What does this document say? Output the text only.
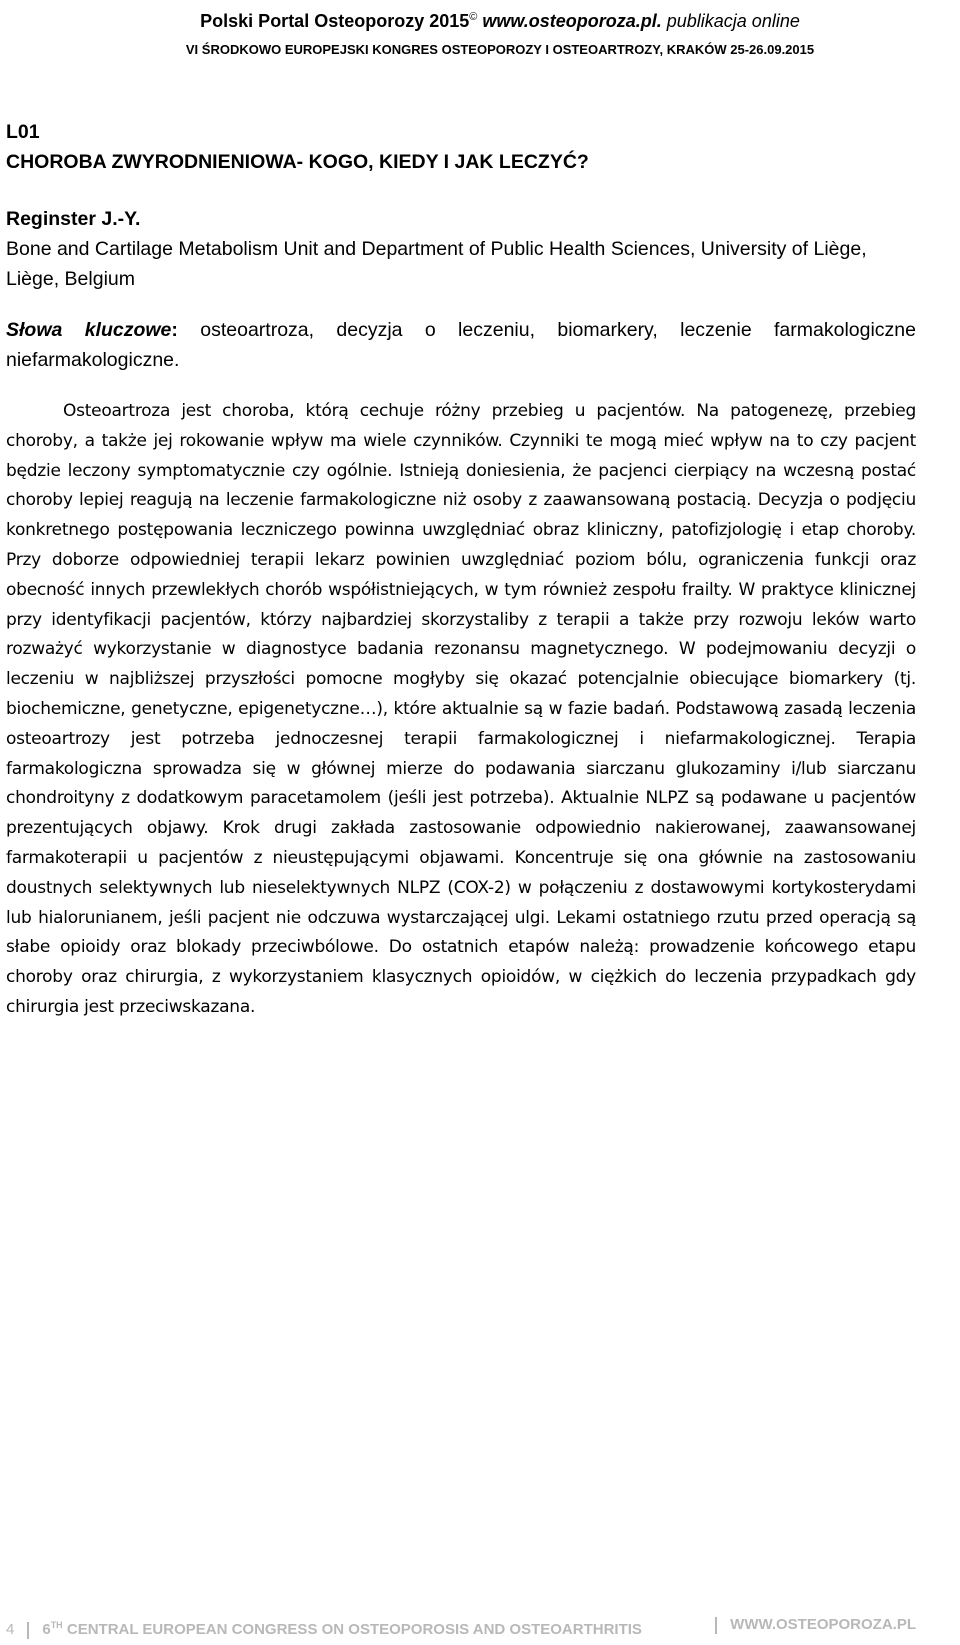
Polski Portal Osteoporozy 2015© www.osteoporoza.pl. publikacja online
VI ŚRODKOWO EUROPEJSKI KONGRES OSTEOPOROZY I OSTEOARTROZY, KRAKÓW 25-26.09.2015
L01
CHOROBA ZWYRODNIENIOWA- KOGO, KIEDY I JAK LECZYĆ?
Reginster J.-Y.
Bone and Cartilage Metabolism Unit and Department of Public Health Sciences, University of Liège, Liège, Belgium
Słowa kluczowe: osteoartroza, decyzja o leczeniu, biomarkery, leczenie farmakologiczne niefarmakologiczne.

Osteoartroza jest choroba, którą cechuje różny przebieg u pacjentów. Na patogenezę, przebieg choroby, a także jej rokowanie wpływ ma wiele czynników. Czynniki te mogą mieć wpływ na to czy pacjent będzie leczony symptomatycznie czy ogólnie. Istnieją doniesienia, że pacjenci cierpiący na wczesną postać choroby lepiej reagują na leczenie farmakologiczne niż osoby z zaawansowaną postacią. Decyzja o podjęciu konkretnego postępowania leczniczego powinna uwzględniać obraz kliniczny, patofizjologię i etap choroby. Przy doborze odpowiedniej terapii lekarz powinien uwzględniać poziom bólu, ograniczenia funkcji oraz obecność innych przewlekłych chorób współistniejących, w tym również zespołu frailty. W praktyce klinicznej przy identyfikacji pacjentów, którzy najbardziej skorzystaliby z terapii a także przy rozwoju leków warto rozważyć wykorzystanie w diagnostyce badania rezonansu magnetycznego. W podejmowaniu decyzji o leczeniu w najbliższej przyszłości pomocne mogłyby się okazać potencjalnie obiecujące biomarkery (tj. biochemiczne, genetyczne, epigenetyczne…), które aktualnie są w fazie badań. Podstawową zasadą leczenia osteoartrozy jest potrzeba jednoczesnej terapii farmakologicznej i niefarmakologicznej. Terapia farmakologiczna sprowadza się w głównej mierze do podawania siarczanu glukozaminy i/lub siarczanu chondroityny z dodatkowym paracetamolem (jeśli jest potrzeba). Aktualnie NLPZ są podawane u pacjentów prezentujących objawy. Krok drugi zakłada zastosowanie odpowiednio nakierowanej, zaawansowanej farmakoterapii u pacjentów z nieustępującymi objawami. Koncentruje się ona głównie na zastosowaniu doustnych selektywnych lub nieselektywnych NLPZ (COX-2) w połączeniu z dostawowymi kortykosterydami lub hialorunianem, jeśli pacjent nie odczuwa wystarczającej ulgi. Lekami ostatniego rzutu przed operacją są słabe opioidy oraz blokady przeciwbólowe. Do ostatnich etapów należą: prowadzenie końcowego etapu choroby oraz chirurgia, z wykorzystaniem klasycznych opioidów, w ciężkich do leczenia przypadkach gdy chirurgia jest przeciwskazana.

4 6TH CENTRAL EUROPEAN CONGRESS ON OSTEOPOROSIS AND OSTEOARTHRITIS	WWW.OSTEOPOROZA.PL
